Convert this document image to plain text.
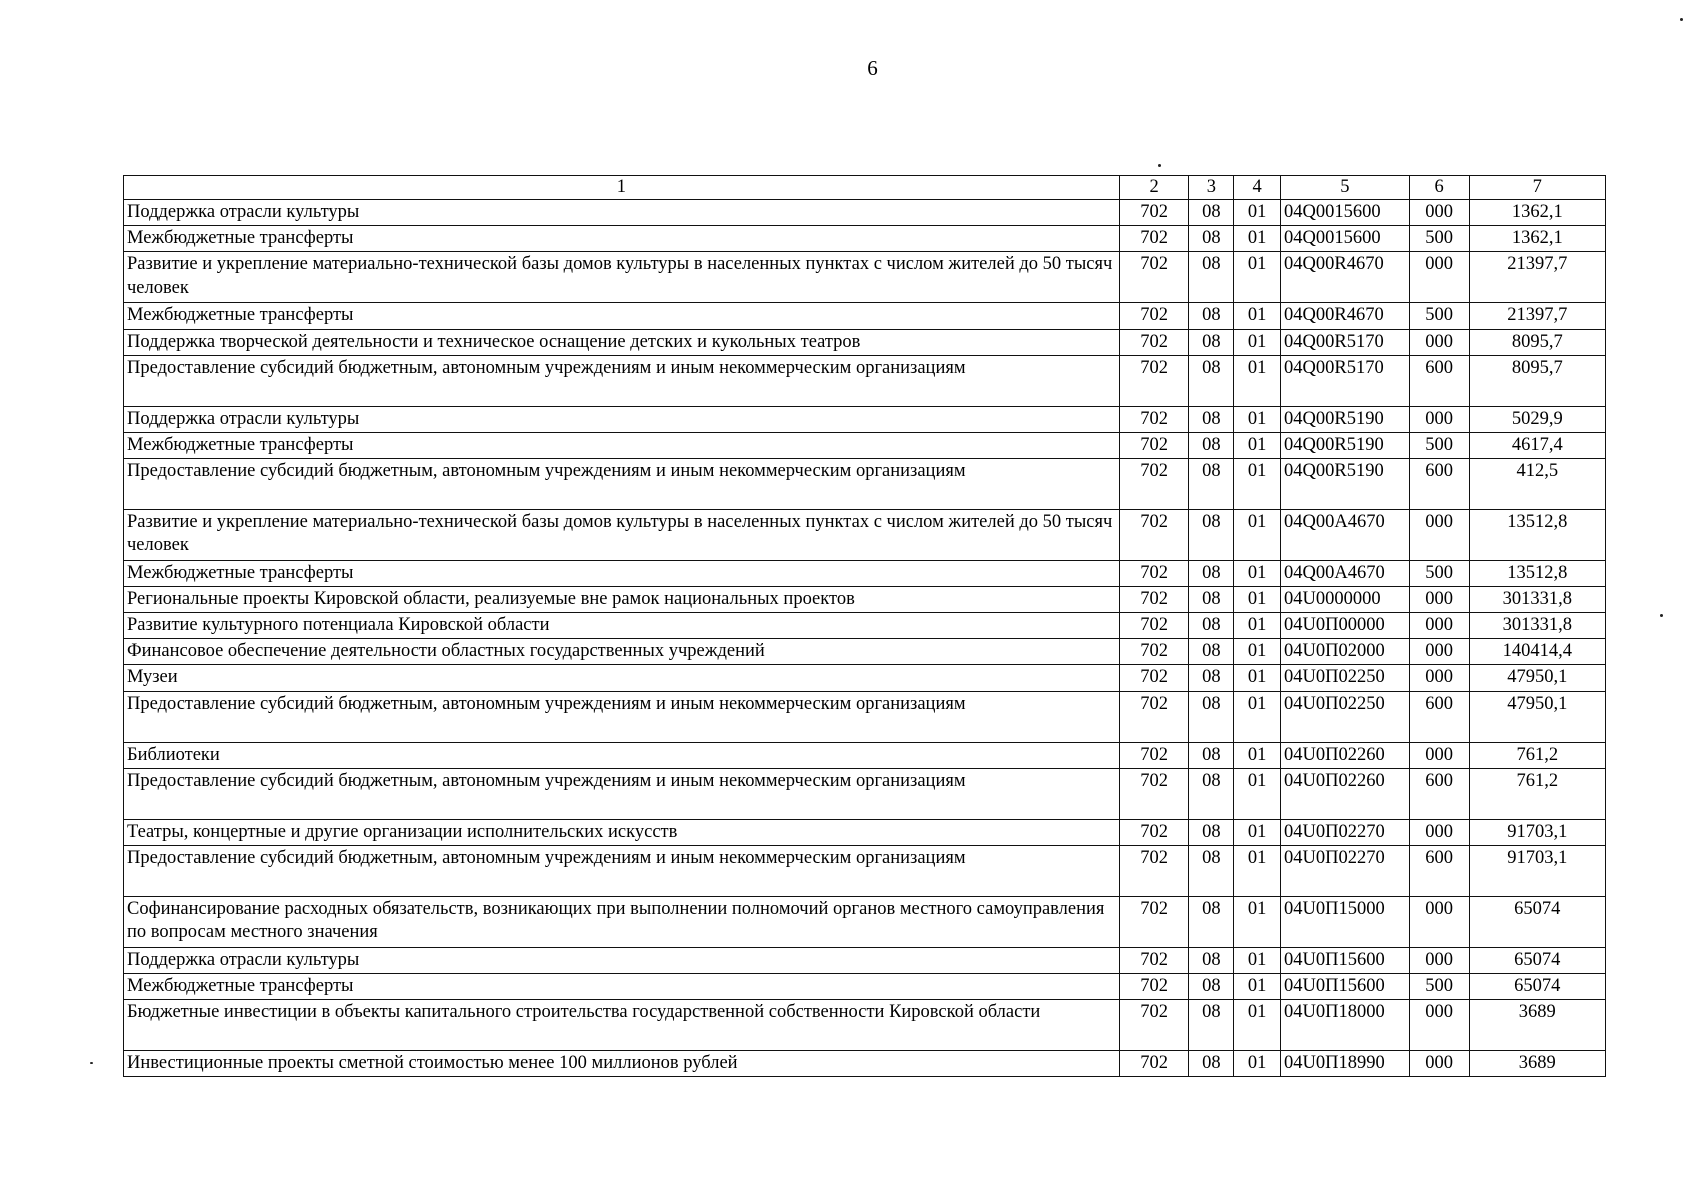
6
1	2	3	4	5	6	7
Поддержка отрасли культуры	702	08	01	04Q0015600	000	1362,1
Межбюджетные трансферты	702	08	01	04Q0015600	500	1362,1
Развитие и укрепление материально-технической базы домов культуры в населенных пунктах с числом жителей до 50 тысяч человек	702	08	01	04Q00R4670	000	21397,7
Межбюджетные трансферты	702	08	01	04Q00R4670	500	21397,7
Поддержка творческой деятельности и техническое оснащение детских и кукольных театров	702	08	01	04Q00R5170	000	8095,7
Предоставление субсидий бюджетным, автономным учреждениям и иным некоммерческим организациям	702	08	01	04Q00R5170	600	8095,7
Поддержка отрасли культуры	702	08	01	04Q00R5190	000	5029,9
Межбюджетные трансферты	702	08	01	04Q00R5190	500	4617,4
Предоставление субсидий бюджетным, автономным учреждениям и иным некоммерческим организациям	702	08	01	04Q00R5190	600	412,5
Развитие и укрепление материально-технической базы домов культуры в населенных пунктах с числом жителей до 50 тысяч человек	702	08	01	04Q00A4670	000	13512,8
Межбюджетные трансферты	702	08	01	04Q00A4670	500	13512,8
Региональные проекты Кировской области, реализуемые вне рамок национальных проектов	702	08	01	04U0000000	000	301331,8
Развитие культурного потенциала Кировской области	702	08	01	04U0П00000	000	301331,8
Финансовое обеспечение деятельности областных государственных учреждений	702	08	01	04U0П02000	000	140414,4
Музеи	702	08	01	04U0П02250	000	47950,1
Предоставление субсидий бюджетным, автономным учреждениям и иным некоммерческим организациям	702	08	01	04U0П02250	600	47950,1
Библиотеки	702	08	01	04U0П02260	000	761,2
Предоставление субсидий бюджетным, автономным учреждениям и иным некоммерческим организациям	702	08	01	04U0П02260	600	761,2
Театры, концертные и другие организации исполнительских искусств	702	08	01	04U0П02270	000	91703,1
Предоставление субсидий бюджетным, автономным учреждениям и иным некоммерческим организациям	702	08	01	04U0П02270	600	91703,1
Софинансирование расходных обязательств, возникающих при выполнении полномочий органов местного самоуправления по вопросам местного значения	702	08	01	04U0П15000	000	65074
Поддержка отрасли культуры	702	08	01	04U0П15600	000	65074
Межбюджетные трансферты	702	08	01	04U0П15600	500	65074
Бюджетные инвестиции в объекты капитального строительства государственной собственности Кировской области	702	08	01	04U0П18000	000	3689
Инвестиционные проекты сметной стоимостью менее 100 миллионов рублей	702	08	01	04U0П18990	000	3689
